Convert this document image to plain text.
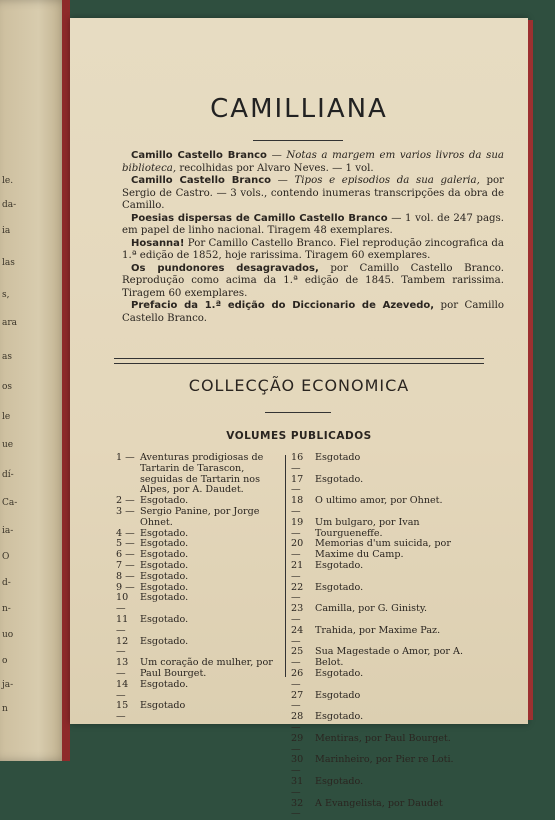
le.
da-
ia
las
s,
ara
as
os
le
ue
dí-
Ca-
ia-
O
d-
n-
uo
o
ja-
n
CAMILLIANA

Camillo Castello Branco — Notas a margem em varios livros da sua biblioteca, recolhidas por Alvaro Neves. — 1 vol.

Camillo Castello Branco — Tipos e episodios da sua galeria, por Sergio de Castro. — 3 vols., contendo inumeras transcripções da obra de Camillo.

Poesias dispersas de Camillo Castello Branco — 1 vol. de 247 pags. em papel de linho nacional. Tiragem 48 exemplares.

Hosanna! Por Camillo Castello Branco. Fiel reprodução zincografica da 1.ª edição de 1852, hoje rarissima. Tiragem 60 exemplares.

Os pundonores desagravados, por Camillo Castello Branco. Reprodução como acima da 1.ª edição de 1845. Tambem rarissima. Tiragem 60 exemplares.

Prefacio da 1.ª edição do Diccionario de Azevedo, por Camillo Castello Branco.

COLLECÇÃO ECONOMICA
VOLUMES PUBLICADOS
1 — Aventuras prodigiosas de Tartarin de Tarascon, seguidas de Tartarin nos Alpes, por A. Daudet.
2 — Esgotado.
3 — Sergio Panine, por Jorge Ohnet.
4 — Esgotado.
5 — Esgotado.
6 — Esgotado.
7 — Esgotado.
8 — Esgotado.
9 — Esgotado.
10 —
Esgotado.
11 —
Esgotado.
12 —
Esgotado.
13 —
Um coração de mulher, por Paul Bourget.
14 —
Esgotado.
15 —
Esgotado
16 —
Esgotado
17 —
Esgotado.
18 —
O ultimo amor, por Ohnet.
19 —
Um bulgaro, por Ivan Tourgueneffe.
20 —
Memorias d'um suicida, por Maxime du Camp.
21 —
Esgotado.
22 —
Esgotado.
23 —
Camilla, por G. Ginisty.
24 —
Trahida, por Maxime Paz.
25 —
Sua Magestade o Amor, por A. Belot.
26 —
Esgotado.
27 —
Esgotado
28 —
Esgotado.
29 —
Mentiras, por Paul Bourget.
30 —
Marinheiro, por Pier re Loti.
31 —
Esgotado.
32 —
A Evangelista, por Daudet
